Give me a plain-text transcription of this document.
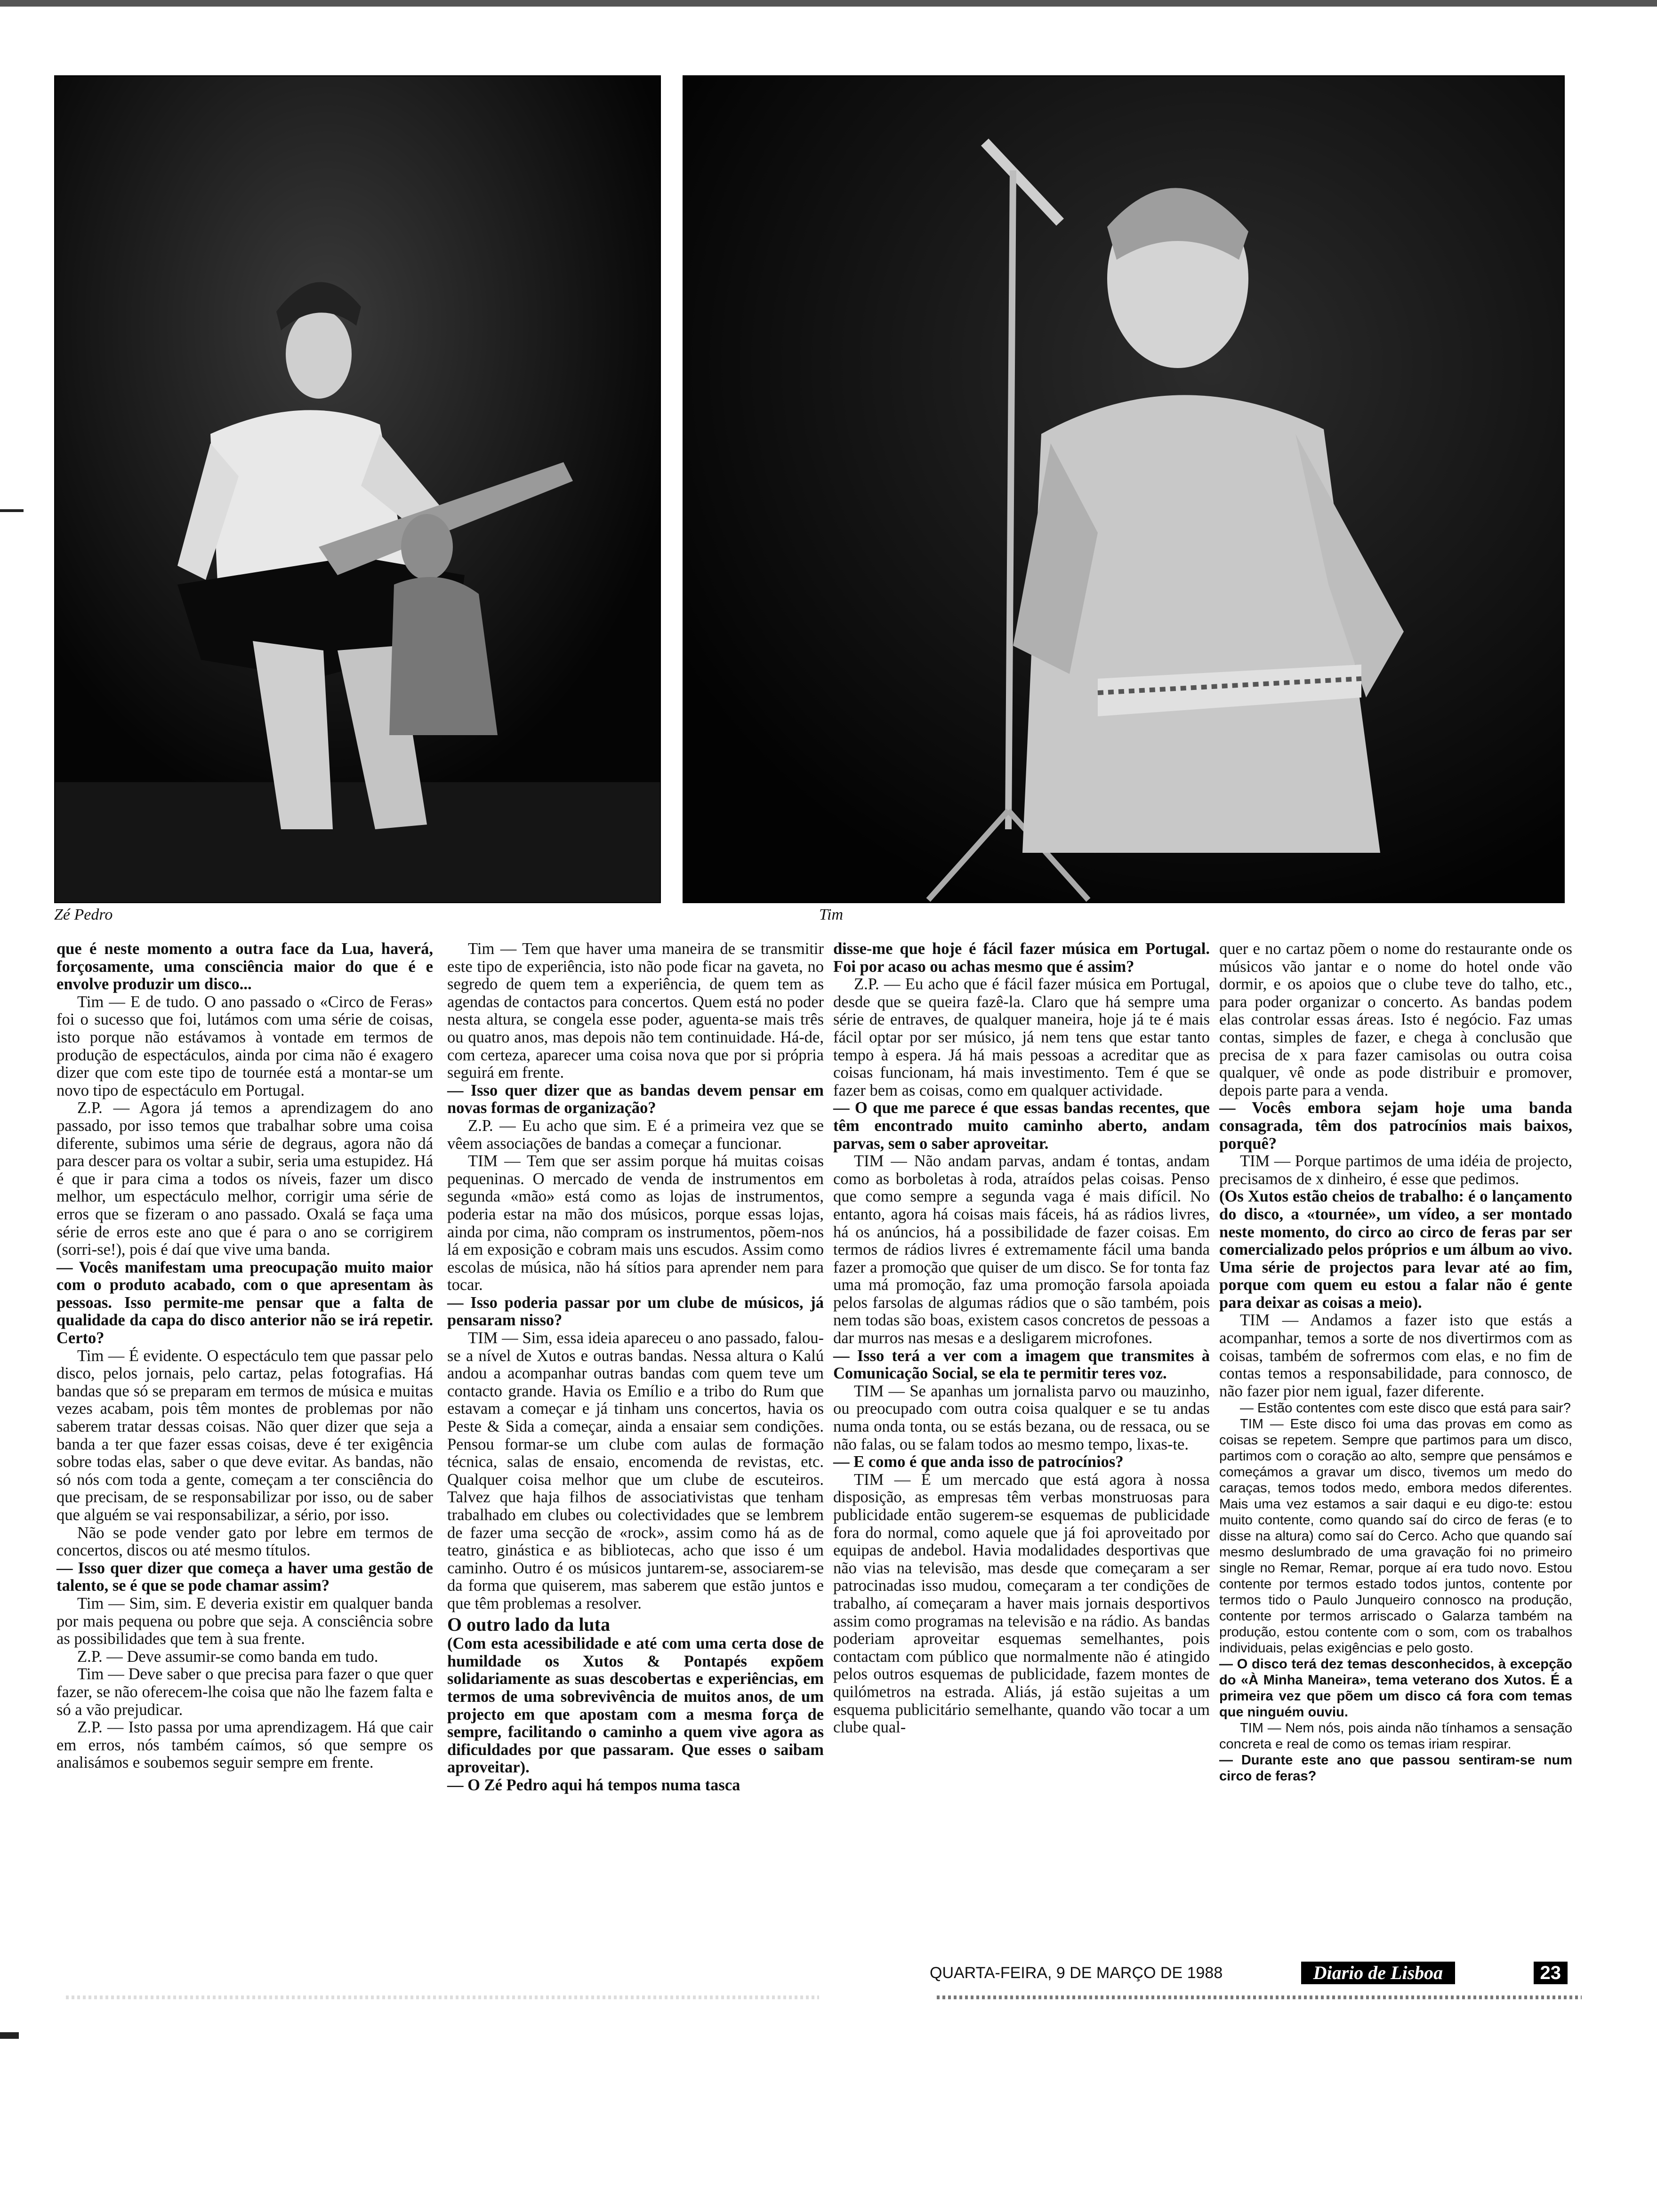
Zé Pedro	Tim

que é neste momento a outra face da Lua, haverá, forçosamente, uma consciência maior do que é e envolve produzir um disco...

Tim — E de tudo. O ano passado o «Circo de Feras» foi o sucesso que foi, lutámos com uma série de coisas, isto porque não estávamos à vontade em termos de produção de espectáculos, ainda por cima não é exagero dizer que com este tipo de tournée está a montar-se um novo tipo de espectáculo em Portugal.

Z.P. — Agora já temos a aprendizagem do ano passado, por isso temos que trabalhar sobre uma coisa diferente, subimos uma série de degraus, agora não dá para descer para os voltar a subir, seria uma estupidez. Há é que ir para cima a todos os níveis, fazer um disco melhor, um espectáculo melhor, corrigir uma série de erros que se fizeram o ano passado. Oxalá se faça uma série de erros este ano que é para o ano se corrigirem (sorri-se!), pois é daí que vive uma banda.

— Vocês manifestam uma preocupação muito maior com o produto acabado, com o que apresentam às pessoas. Isso permite-me pensar que a falta de qualidade da capa do disco anterior não se irá repetir. Certo?

Tim — É evidente. O espectáculo tem que passar pelo disco, pelos jornais, pelo cartaz, pelas fotografias. Há bandas que só se preparam em termos de música e muitas vezes acabam, pois têm montes de problemas por não saberem tratar dessas coisas. Não quer dizer que seja a banda a ter que fazer essas coisas, deve é ter exigência sobre todas elas, saber o que deve evitar. As bandas, não só nós com toda a gente, começam a ter consciência do que precisam, de se responsabilizar por isso, ou de saber que alguém se vai responsabilizar, a sério, por isso.

Não se pode vender gato por lebre em termos de concertos, discos ou até mesmo títulos.

— Isso quer dizer que começa a haver uma gestão de talento, se é que se pode chamar assim?

Tim — Sim, sim. E deveria existir em qualquer banda por mais pequena ou pobre que seja. A consciência sobre as possibilidades que tem à sua frente.

Z.P. — Deve assumir-se como banda em tudo.

Tim — Deve saber o que precisa para fazer o que quer fazer, se não oferecem-lhe coisa que não lhe fazem falta e só a vão prejudicar.

Z.P. — Isto passa por uma aprendizagem. Há que cair em erros, nós também caímos, só que sempre os analisámos e soubemos seguir sempre em frente.

Tim — Tem que haver uma maneira de se transmitir este tipo de experiência, isto não pode ficar na gaveta, no segredo de quem tem a experiência, de quem tem as agendas de contactos para concertos. Quem está no poder nesta altura, se congela esse poder, aguenta-se mais três ou quatro anos, mas depois não tem continuidade. Há-de, com certeza, aparecer uma coisa nova que por si própria seguirá em frente.

— Isso quer dizer que as bandas devem pensar em novas formas de organização?

Z.P. — Eu acho que sim. E é a primeira vez que se vêem associações de bandas a começar a funcionar.

TIM — Tem que ser assim porque há muitas coisas pequeninas. O mercado de venda de instrumentos em segunda «mão» está como as lojas de instrumentos, poderia estar na mão dos músicos, porque essas lojas, ainda por cima, não compram os instrumentos, põem-nos lá em exposição e cobram mais uns escudos. Assim como escolas de música, não há sítios para aprender nem para tocar.

— Isso poderia passar por um clube de músicos, já pensaram nisso?

TIM — Sim, essa ideia apareceu o ano passado, falou-se a nível de Xutos e outras bandas. Nessa altura o Kalú andou a acompanhar outras bandas com quem teve um contacto grande. Havia os Emílio e a tribo do Rum que estavam a começar e já tinham uns concertos, havia os Peste & Sida a começar, ainda a ensaiar sem condições. Pensou formar-se um clube com aulas de formação técnica, salas de ensaio, encomenda de revistas, etc. Qualquer coisa melhor que um clube de escuteiros. Talvez que haja filhos de associativistas que tenham trabalhado em clubes ou colectividades que se lembrem de fazer uma secção de «rock», assim como há as de teatro, ginástica e as bibliotecas, acho que isso é um caminho. Outro é os músicos juntarem-se, associarem-se da forma que quiserem, mas saberem que estão juntos e que têm problemas a resolver.

O outro lado da luta

(Com esta acessibilidade e até com uma certa dose de humildade os Xutos & Pontapés expõem solidariamente as suas descobertas e experiências, em termos de uma sobrevivência de muitos anos, de um projecto em que apostam com a mesma força de sempre, facilitando o caminho a quem vive agora as dificuldades por que passaram. Que esses o saibam aproveitar).

— O Zé Pedro aqui há tempos numa tasca

disse-me que hoje é fácil fazer música em Portugal. Foi por acaso ou achas mesmo que é assim?

Z.P. — Eu acho que é fácil fazer música em Portugal, desde que se queira fazê-la. Claro que há sempre uma série de entraves, de qualquer maneira, hoje já te é mais fácil optar por ser músico, já nem tens que estar tanto tempo à espera. Já há mais pessoas a acreditar que as coisas funcionam, há mais investimento. Tem é que se fazer bem as coisas, como em qualquer actividade.

— O que me parece é que essas bandas recentes, que têm encontrado muito caminho aberto, andam parvas, sem o saber aproveitar.

TIM — Não andam parvas, andam é tontas, andam como as borboletas à roda, atraídos pelas coisas. Penso que como sempre a segunda vaga é mais difícil. No entanto, agora há coisas mais fáceis, há as rádios livres, há os anúncios, há a possibilidade de fazer coisas. Em termos de rádios livres é extremamente fácil uma banda fazer a promoção que quiser de um disco. Se for tonta faz uma má promoção, faz uma promoção farsola apoiada pelos farsolas de algumas rádios que o são também, pois nem todas são boas, existem casos concretos de pessoas a dar murros nas mesas e a desligarem microfones.

— Isso terá a ver com a imagem que transmites à Comunicação Social, se ela te permitir teres voz.

TIM — Se apanhas um jornalista parvo ou mauzinho, ou preocupado com outra coisa qualquer e se tu andas numa onda tonta, ou se estás bezana, ou de ressaca, ou se não falas, ou se falam todos ao mesmo tempo, lixas-te.

— E como é que anda isso de patrocínios?

TIM — É um mercado que está agora à nossa disposição, as empresas têm verbas monstruosas para publicidade então sugerem-se esquemas de publicidade fora do normal, como aquele que já foi aproveitado por equipas de andebol. Havia modalidades desportivas que não vias na televisão, mas desde que começaram a ser patrocinadas isso mudou, começaram a ter condições de trabalho, aí começaram a haver mais jornais desportivos assim como programas na televisão e na rádio. As bandas poderiam aproveitar esquemas semelhantes, pois contactam com público que normalmente não é atingido pelos outros esquemas de publicidade, fazem montes de quilómetros na estrada. Aliás, já estão sujeitas a um esquema publicitário semelhante, quando vão tocar a um clube qual-

quer e no cartaz põem o nome do restaurante onde os músicos vão jantar e o nome do hotel onde vão dormir, e os apoios que o clube teve do talho, etc., para poder organizar o concerto. As bandas podem elas controlar essas áreas. Isto é negócio. Faz umas contas, simples de fazer, e chega à conclusão que precisa de x para fazer camisolas ou outra coisa qualquer, vê onde as pode distribuir e promover, depois parte para a venda.

— Vocês embora sejam hoje uma banda consagrada, têm dos patrocínios mais baixos, porquê?

TIM — Porque partimos de uma idéia de projecto, precisamos de x dinheiro, é esse que pedimos.

(Os Xutos estão cheios de trabalho: é o lançamento do disco, a «tournée», um vídeo, a ser montado neste momento, do circo ao circo de feras par ser comercializado pelos próprios e um álbum ao vivo. Uma série de projectos para levar até ao fim, porque com quem eu estou a falar não é gente para deixar as coisas a meio).

TIM — Andamos a fazer isto que estás a acompanhar, temos a sorte de nos divertirmos com as coisas, também de sofrermos com elas, e no fim de contas temos a responsabilidade, para connosco, de não fazer pior nem igual, fazer diferente.

— Estão contentes com este disco que está para sair?

TIM — Este disco foi uma das provas em como as coisas se repetem. Sempre que partimos para um disco, partimos com o coração ao alto, sempre que pensámos e começámos a gravar um disco, tivemos um medo do caraças, temos todos medo, embora medos diferentes. Mais uma vez estamos a sair daqui e eu digo-te: estou muito contente, como quando saí do circo de feras (e to disse na altura) como saí do Cerco. Acho que quando saí mesmo deslumbrado de uma gravação foi no primeiro single no Remar, Remar, porque aí era tudo novo. Estou contente por termos estado todos juntos, contente por termos tido o Paulo Junqueiro connosco na produção, contente por termos arriscado o Galarza também na produção, estou contente com o som, com os trabalhos individuais, pelas exigências e pelo gosto.

— O disco terá dez temas desconhecidos, à excepção do «À Minha Maneira», tema veterano dos Xutos. É a primeira vez que põem um disco cá fora com temas que ninguém ouviu.

TIM — Nem nós, pois ainda não tínhamos a sensação concreta e real de como os temas iriam respirar.

— Durante este ano que passou sentiram-se num circo de feras?

QUARTA-FEIRA, 9 DE MARÇO DE 1988	Diario de Lisboa	23
